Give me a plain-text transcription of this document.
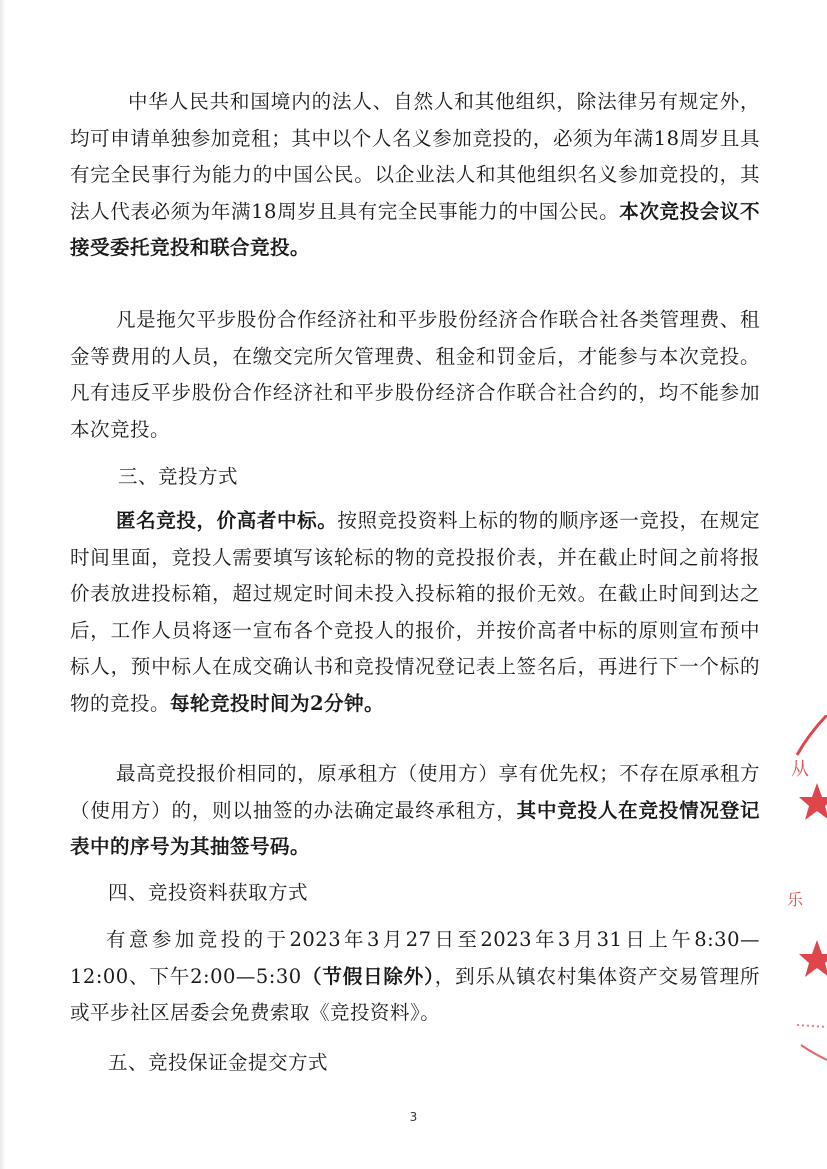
中华人民共和国境内的法人、自然人和其他组织，除法律另有规定外，均可申请单独参加竞租；其中以个人名义参加竞投的，必须为年满18周岁且具有完全民事行为能力的中国公民。以企业法人和其他组织名义参加竞投的，其法人代表必须为年满18周岁且具有完全民事能力的中国公民。本次竞投会议不接受委托竞投和联合竞投。
凡是拖欠平步股份合作经济社和平步股份经济合作联合社各类管理费、租金等费用的人员，在缴交完所欠管理费、租金和罚金后，才能参与本次竞投。凡有违反平步股份合作经济社和平步股份经济合作联合社合约的，均不能参加本次竞投。
三、竞投方式
匿名竞投，价高者中标。按照竞投资料上标的物的顺序逐一竞投，在规定时间里面，竞投人需要填写该轮标的物的竞投报价表，并在截止时间之前将报价表放进投标箱，超过规定时间未投入投标箱的报价无效。在截止时间到达之后，工作人员将逐一宣布各个竞投人的报价，并按价高者中标的原则宣布预中标人，预中标人在成交确认书和竞投情况登记表上签名后，再进行下一个标的物的竞投。每轮竞投时间为2分钟。
最高竞投报价相同的，原承租方（使用方）享有优先权；不存在原承租方（使用方）的，则以抽签的办法确定最终承租方，其中竞投人在竞投情况登记表中的序号为其抽签号码。
四、竞投资料获取方式
有意参加竞投的于2023年3月27日至2023年3月31日上午8:30—12:00、下午2:00—5:30（节假日除外），到乐从镇农村集体资产交易管理所或平步社区居委会免费索取《竞投资料》。
五、竞投保证金提交方式
3
从
乐
